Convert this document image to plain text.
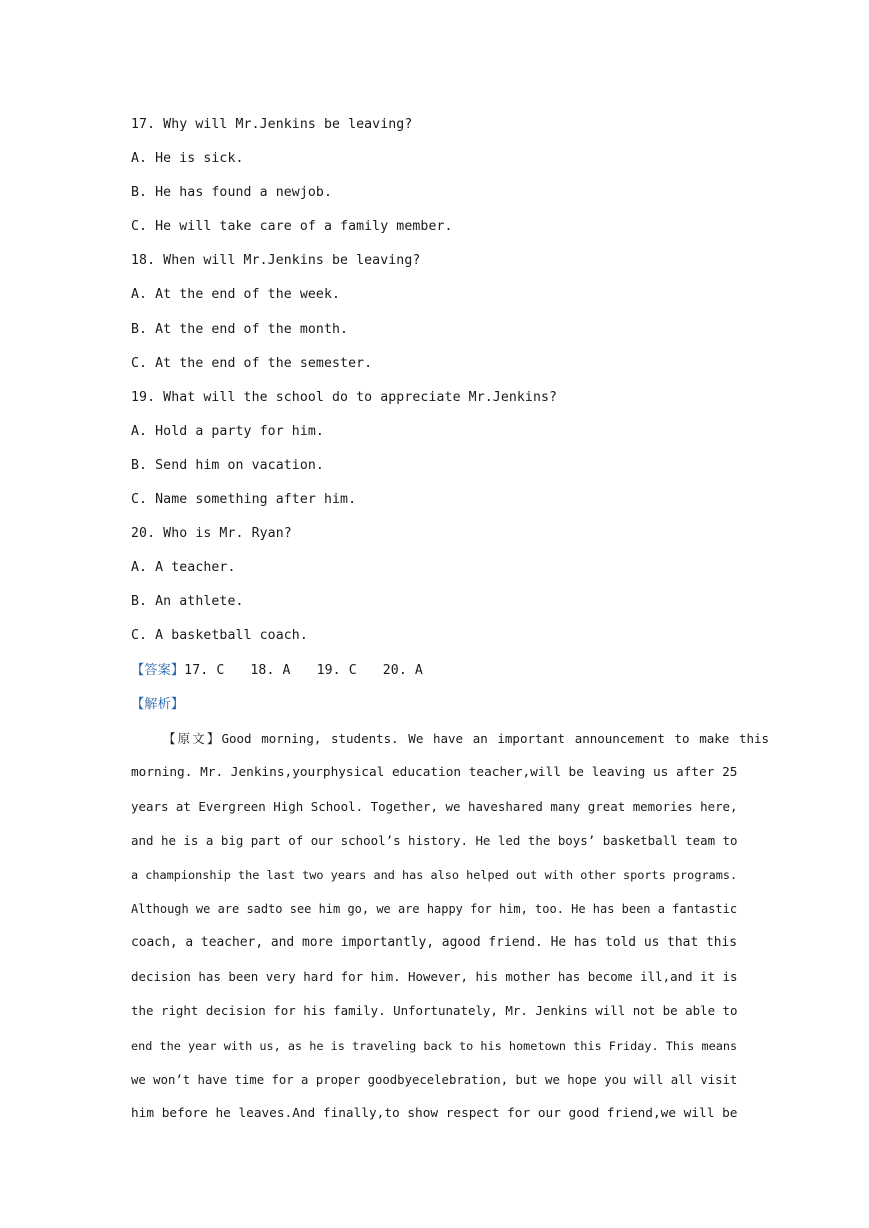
17. Why will Mr.Jenkins be leaving?
A. He is sick.
B. He has found a newjob.
C. He will take care of a family member.
18. When will Mr.Jenkins be leaving?
A. At the end of the week.
B. At the end of the month.
C. At the end of the semester.
19. What will the school do to appreciate Mr.Jenkins?
A. Hold a party for him.
B. Send him on vacation.
C. Name something after him.
20. Who is Mr. Ryan?
A. A teacher.
B. An athlete.
C. A basketball coach.
【答案】17. C 18. A 19. C 20. A
【解析】
【原文】Good morning, students. We have an important announcement to make this
morning. Mr. Jenkins,yourphysical education teacher,will be leaving us after 25
years at Evergreen High School. Together, we haveshared many great memories here,
and he is a big part of our school’s history. He led the boys’ basketball team to
a championship the last two years and has also helped out with other sports programs.
Although we are sadto see him go, we are happy for him, too. He has been a fantastic
coach, a teacher, and more importantly, agood friend. He has told us that this
decision has been very hard for him. However, his mother has become ill,and it is
the right decision for his family. Unfortunately, Mr. Jenkins will not be able to
end the year with us, as he is traveling back to his hometown this Friday. This means
we won’t have time for a proper goodbyecelebration, but we hope you will all visit
him before he leaves.And finally,to show respect for our good friend,we will be
